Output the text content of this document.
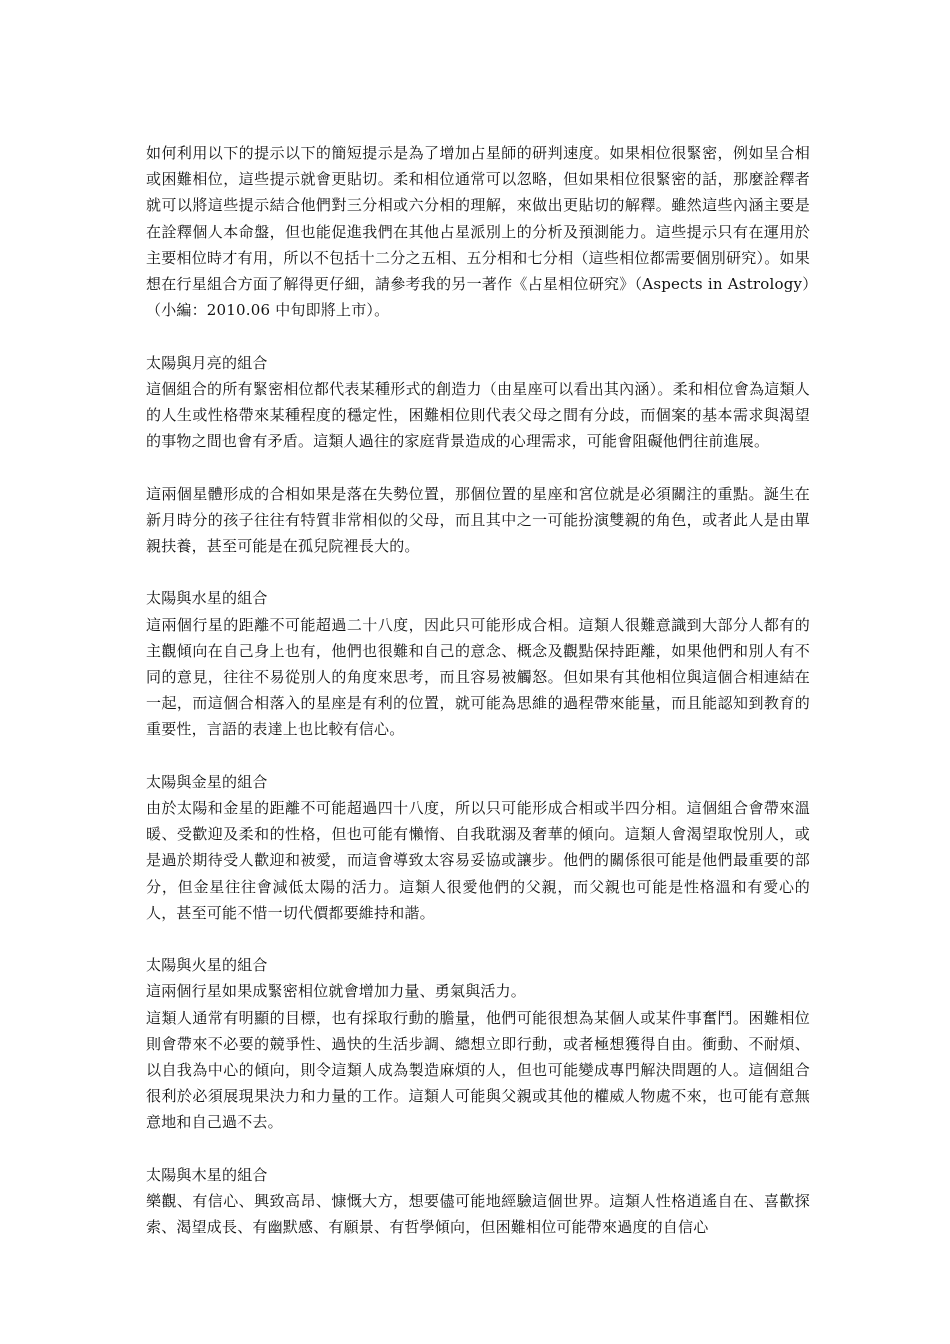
如何利用以下的提示以下的簡短提示是為了增加占星師的研判速度。如果相位很緊密，例如呈合相或困難相位，這些提示就會更貼切。柔和相位通常可以忽略，但如果相位很緊密的話，那麼詮釋者就可以將這些提示結合他們對三分相或六分相的理解，來做出更貼切的解釋。雖然這些內涵主要是在詮釋個人本命盤，但也能促進我們在其他占星派別上的分析及預測能力。這些提示只有在運用於主要相位時才有用，所以不包括十二分之五相、五分相和七分相（這些相位都需要個別研究）。如果想在行星組合方面了解得更仔細，請參考我的另一著作《占星相位研究》（Aspects in Astrology）（小編：2010.06 中旬即將上市）。

太陽與月亮的組合

這個組合的所有緊密相位都代表某種形式的創造力（由星座可以看出其內涵）。柔和相位會為這類人的人生或性格帶來某種程度的穩定性，困難相位則代表父母之間有分歧，而個案的基本需求與渴望的事物之間也會有矛盾。這類人過往的家庭背景造成的心理需求，可能會阻礙他們往前進展。

這兩個星體形成的合相如果是落在失勢位置，那個位置的星座和宮位就是必須關注的重點。誕生在新月時分的孩子往往有特質非常相似的父母，而且其中之一可能扮演雙親的角色，或者此人是由單親扶養，甚至可能是在孤兒院裡長大的。

太陽與水星的組合

這兩個行星的距離不可能超過二十八度，因此只可能形成合相。這類人很難意識到大部分人都有的主觀傾向在自己身上也有，他們也很難和自己的意念、概念及觀點保持距離，如果他們和別人有不同的意見，往往不易從別人的角度來思考，而且容易被觸怒。但如果有其他相位與這個合相連結在一起，而這個合相落入的星座是有利的位置，就可能為思維的過程帶來能量，而且能認知到教育的重要性，言語的表達上也比較有信心。

太陽與金星的組合

由於太陽和金星的距離不可能超過四十八度，所以只可能形成合相或半四分相。這個組合會帶來溫暖、受歡迎及柔和的性格，但也可能有懶惰、自我耽溺及奢華的傾向。這類人會渴望取悅別人，或是過於期待受人歡迎和被愛，而這會導致太容易妥協或讓步。他們的關係很可能是他們最重要的部分，但金星往往會減低太陽的活力。這類人很愛他們的父親，而父親也可能是性格溫和有愛心的人，甚至可能不惜一切代價都要維持和諧。

太陽與火星的組合

這兩個行星如果成緊密相位就會增加力量、勇氣與活力。

這類人通常有明顯的目標，也有採取行動的膽量，他們可能很想為某個人或某件事奮鬥。困難相位則會帶來不必要的競爭性、過快的生活步調、總想立即行動，或者極想獲得自由。衝動、不耐煩、以自我為中心的傾向，則令這類人成為製造麻煩的人，但也可能變成專門解決問題的人。這個組合很利於必須展現果決力和力量的工作。這類人可能與父親或其他的權威人物處不來，也可能有意無意地和自己過不去。

太陽與木星的組合

樂觀、有信心、興致高昂、慷慨大方，想要儘可能地經驗這個世界。這類人性格逍遙自在、喜歡探索、渴望成長、有幽默感、有願景、有哲學傾向，但困難相位可能帶來過度的自信心
